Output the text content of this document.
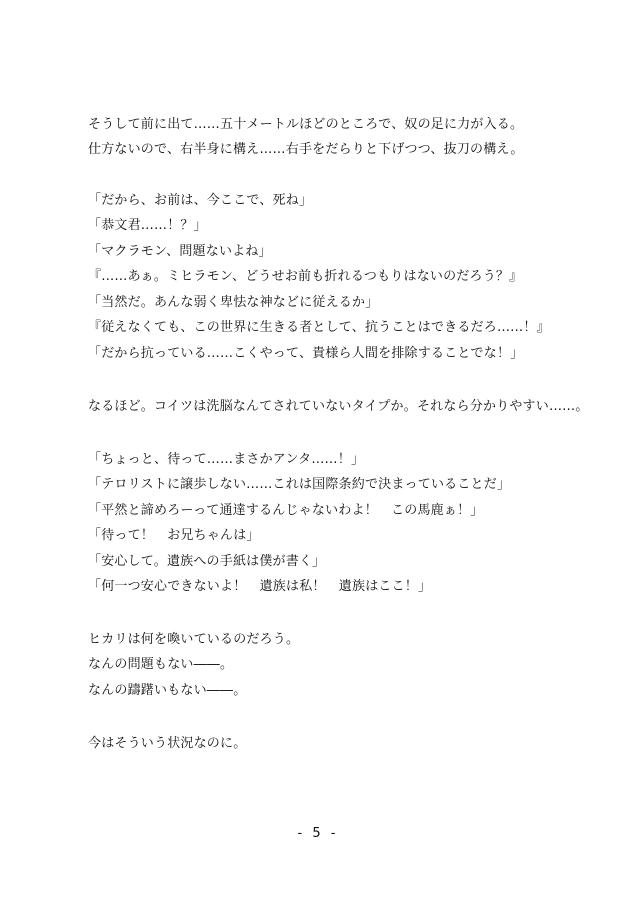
そうして前に出て……五十メートルほどのところで、奴の足に力が入る。
仕方ないので、右半身に構え……右手をだらりと下げつつ、抜刀の構え。
「だから、お前は、今ここで、死ね」
「恭文君……！？」
「マクラモン、問題ないよね」
『……あぁ。ミヒラモン、どうせお前も折れるつもりはないのだろう？』
「当然だ。あんな弱く卑怯な神などに従えるか」
『従えなくても、この世界に生きる者として、抗うことはできるだろ……！』
「だから抗っている……こくやって、貴様ら人間を排除することでな！」
なるほど。コイツは洗脳なんてされていないタイプか。それなら分かりやすい……。
「ちょっと、待って……まさかアンタ……！」
「テロリストに譲歩しない……これは国際条約で決まっていることだ」
「平然と諦めろーって通達するんじゃないわよ！　この馬鹿ぁ！」
「待って！　お兄ちゃんは」
「安心して。遺族への手紙は僕が書く」
「何一つ安心できないよ！　遺族は私！　遺族はここ！」
ヒカリは何を喚いているのだろう。
なんの問題もない――。
なんの躊躇いもない――。
今はそういう状況なのに。
- 5 -
